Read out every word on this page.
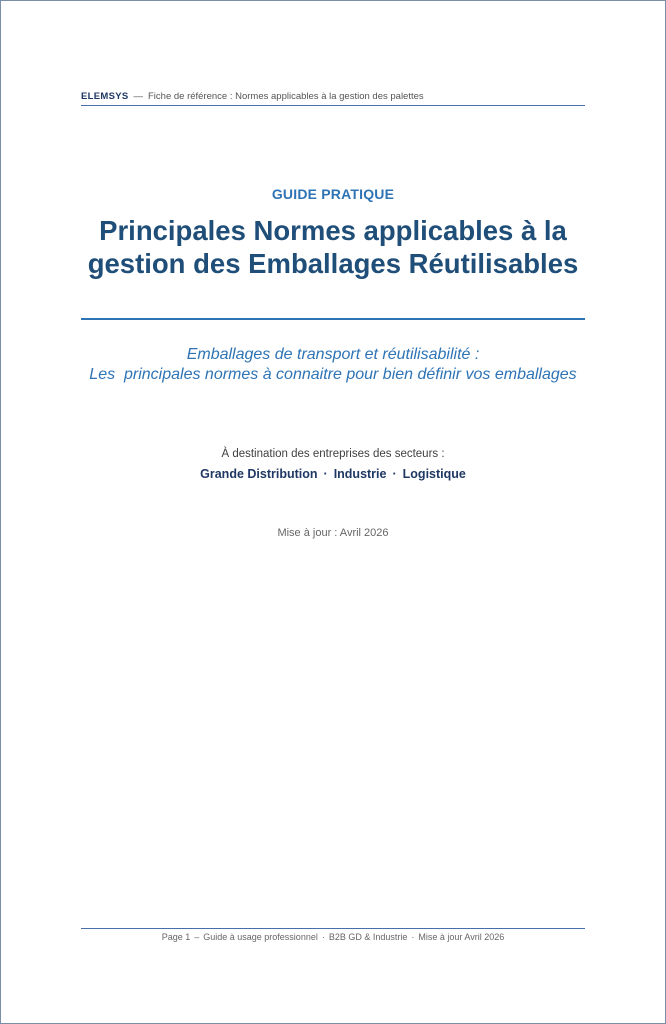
ELEMSYS — Fiche de référence : Normes applicables à la gestion des palettes
GUIDE PRATIQUE
Principales Normes applicables à la gestion des Emballages Réutilisables
Emballages de transport et réutilisabilité :
Les  principales normes à connaitre pour bien définir vos emballages
À destination des entreprises des secteurs :
Grande Distribution · Industrie · Logistique
Mise à jour : Avril 2026
Page 1 – Guide à usage professionnel · B2B GD & Industrie · Mise à jour Avril 2026
